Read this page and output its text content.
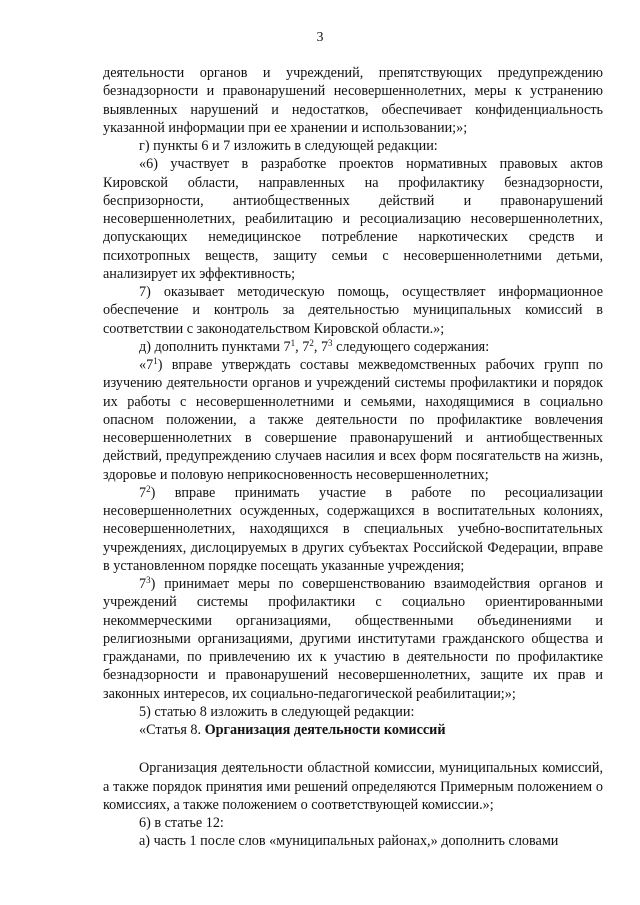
3

деятельности органов и учреждений, препятствующих предупреждению безнадзорности и правонарушений несовершеннолетних, меры к устранению выявленных нарушений и недостатков, обеспечивает конфиденциальность указанной информации при ее хранении и использовании;»;

г) пункты 6 и 7 изложить в следующей редакции:

«6) участвует в разработке проектов нормативных правовых актов Кировской области, направленных на профилактику безнадзорности, беспризорности, антиобщественных действий и правонарушений несовершеннолетних, реабилитацию и ресоциализацию несовершеннолетних, допускающих немедицинское потребление наркотических средств и психотропных веществ, защиту семьи с несовершеннолетними детьми, анализирует их эффективность;

7) оказывает методическую помощь, осуществляет информационное обеспечение и контроль за деятельностью муниципальных комиссий в соответствии с законодательством Кировской области.»;

д) дополнить пунктами $7^1$, $7^2$, $7^3$ следующего содержания:

«$7^1$) вправе утверждать составы межведомственных рабочих групп по изучению деятельности органов и учреждений системы профилактики и порядок их работы с несовершеннолетними и семьями, находящимися в социально опасном положении, а также деятельности по профилактике вовлечения несовершеннолетних в совершение правонарушений и антиобщественных действий, предупреждению случаев насилия и всех форм посягательств на жизнь, здоровье и половую неприкосновенность несовершеннолетних;

$7^2$) вправе принимать участие в работе по ресоциализации несовершеннолетних осужденных, содержащихся в воспитательных колониях, несовершеннолетних, находящихся в специальных учебно-воспитательных учреждениях, дислоцируемых в других субъектах Российской Федерации, вправе в установленном порядке посещать указанные учреждения;

$7^3$) принимает меры по совершенствованию взаимодействия органов и учреждений системы профилактики с социально ориентированными некоммерческими организациями, общественными объединениями и религиозными организациями, другими институтами гражданского общества и гражданами, по привлечению их к участию в деятельности по профилактике безнадзорности и правонарушений несовершеннолетних, защите их прав и законных интересов, их социально-педагогической реабилитации;»;

5) статью 8 изложить в следующей редакции:

«Статья 8. Организация деятельности комиссий

Организация деятельности областной комиссии, муниципальных комиссий, а также порядок принятия ими решений определяются Примерным положением о комиссиях, а также положением о соответствующей комиссии.»;

6) в статье 12:

а) часть 1 после слов «муниципальных районах,» дополнить словами
